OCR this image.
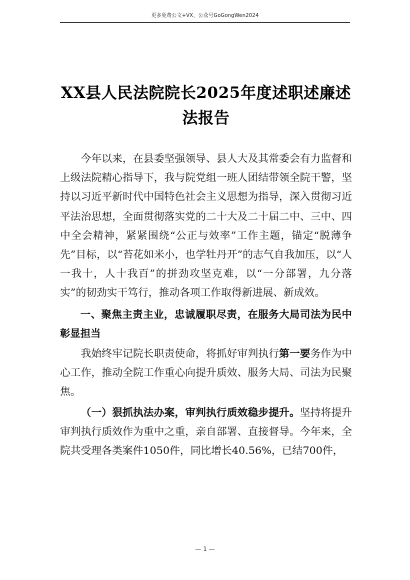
更多免费公文+VX，公众号GoGongWen2024
XX县人民法院院长2025年度述职述廉述
法报告

今年以来，在县委坚强领导、县人大及其常委会有力监督和上级法院精心指导下，我与院党组一班人团结带领全院干警，坚持以习近平新时代中国特色社会主义思想为指导，深入贯彻习近平法治思想，全面贯彻落实党的二十大及二十届二中、三中、四中全会精神，紧紧围绕“公正与效率”工作主题，锚定“脱薄争先”目标，以“苔花如米小，也学牡丹开”的志气自我加压，以“人一我十，人十我百”的拼劲攻坚克难，以“一分部署，九分落实”的韧劲实干笃行，推动各项工作取得新进展、新成效。

一、聚焦主责主业，忠诚履职尽责，在服务大局司法为民中彰显担当

我始终牢记院长职责使命，将抓好审判执行第一要务作为中心工作，推动全院工作重心向提升质效、服务大局、司法为民聚焦。

（一）狠抓执法办案，审判执行质效稳步提升。坚持将提升审判执行质效作为重中之重，亲自部署、直接督导。今年来，全院共受理各类案件1050件，同比增长40.56%，已结700件，

— 1 —
